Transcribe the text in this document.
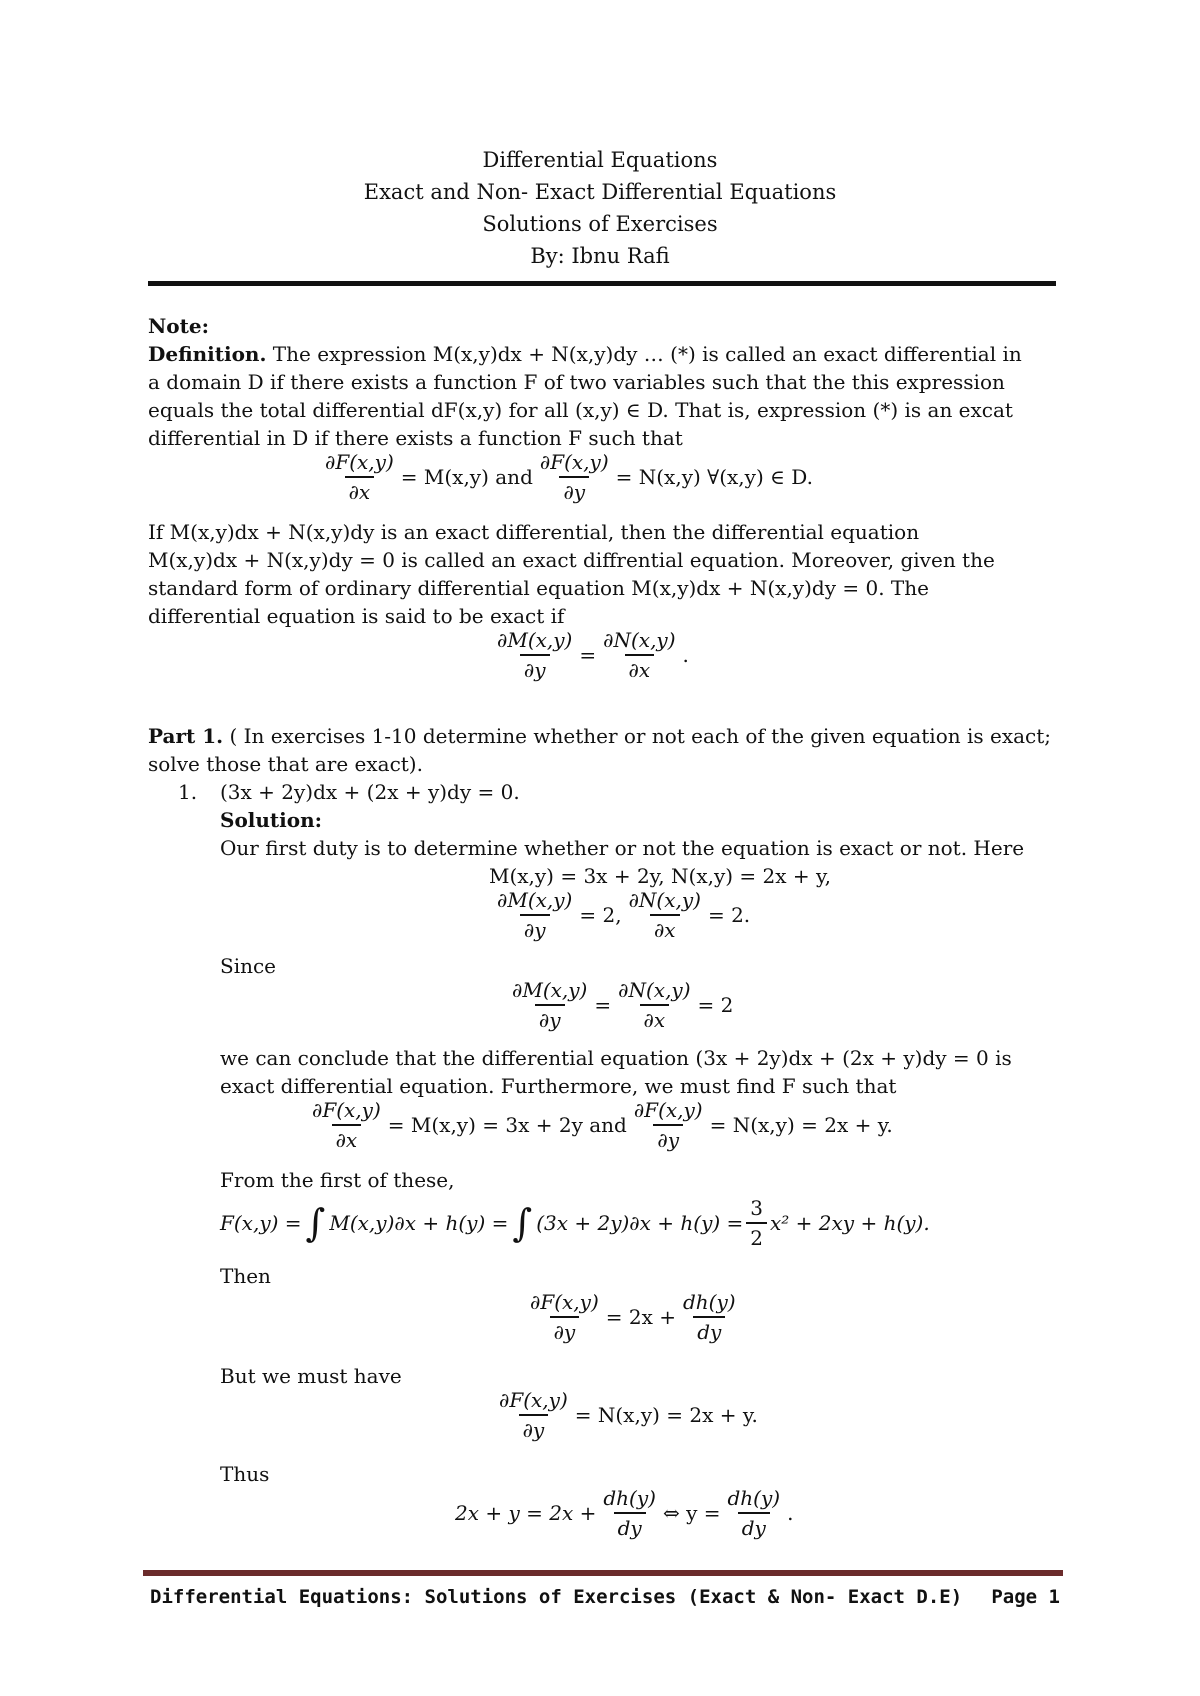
Differential Equations
Exact and Non- Exact Differential Equations
Solutions of Exercises
By: Ibnu Rafi
Note:
Definition. The expression M(x,y)dx + N(x,y)dy … (*) is called an exact differential in
a domain D if there exists a function F of two variables such that the this expression
equals the total differential dF(x,y) for all (x,y) ∈ D. That is, expression (*) is an excat
differential in D if there exists a function F such that
$\frac{\partial F(x,y)}{\partial x} = M(x,y)$ and $\frac{\partial F(x,y)}{\partial y} = N(x,y)$ ∀(x,y) ∈ D.
If M(x,y)dx + N(x,y)dy is an exact differential, then the differential equation
M(x,y)dx + N(x,y)dy = 0 is called an exact diffrential equation. Moreover, given the
standard form of ordinary differential equation M(x,y)dx + N(x,y)dy = 0. The
differential equation is said to be exact if
$\frac{\partial M(x,y)}{\partial y} = \frac{\partial N(x,y)}{\partial x}$ .
Part 1. ( In exercises 1-10 determine whether or not each of the given equation is exact;
solve those that are exact).
1.	(3x + 2y)dx + (2x + y)dy = 0.
Solution:
Our first duty is to determine whether or not the equation is exact or not. Here
M(x,y) = 3x + 2y, N(x,y) = 2x + y,
$\frac{\partial M(x,y)}{\partial y} = 2$, $\frac{\partial N(x,y)}{\partial x} = 2$.
Since
$\frac{\partial M(x,y)}{\partial y} = \frac{\partial N(x,y)}{\partial x} = 2$
we can conclude that the differential equation (3x + 2y)dx + (2x + y)dy = 0 is
exact differential equation. Furthermore, we must find F such that
$\frac{\partial F(x,y)}{\partial x} = M(x,y) = 3x + 2y$ and $\frac{\partial F(x,y)}{\partial y} = N(x,y) = 2x + y$.
From the first of these,
F(x,y) = ∫ M(x,y)∂x + h(y) = ∫ $(3x + 2y)\partial x + h(y) = \frac{3}{2} x^2 + 2xy + h(y)$.
Then
$\frac{\partial F(x,y)}{\partial y} = 2x + \frac{dh(y)}{dy}$
But we must have
$\frac{\partial F(x,y)}{\partial y} = N(x,y) = 2x + y$.
Thus
$2x + y = 2x + \frac{dh(y)}{dy}$ ⇔ $y = \frac{dh(y)}{dy}$ .
Differential Equations: Solutions of Exercises (Exact & Non- Exact D.E) Page 1
